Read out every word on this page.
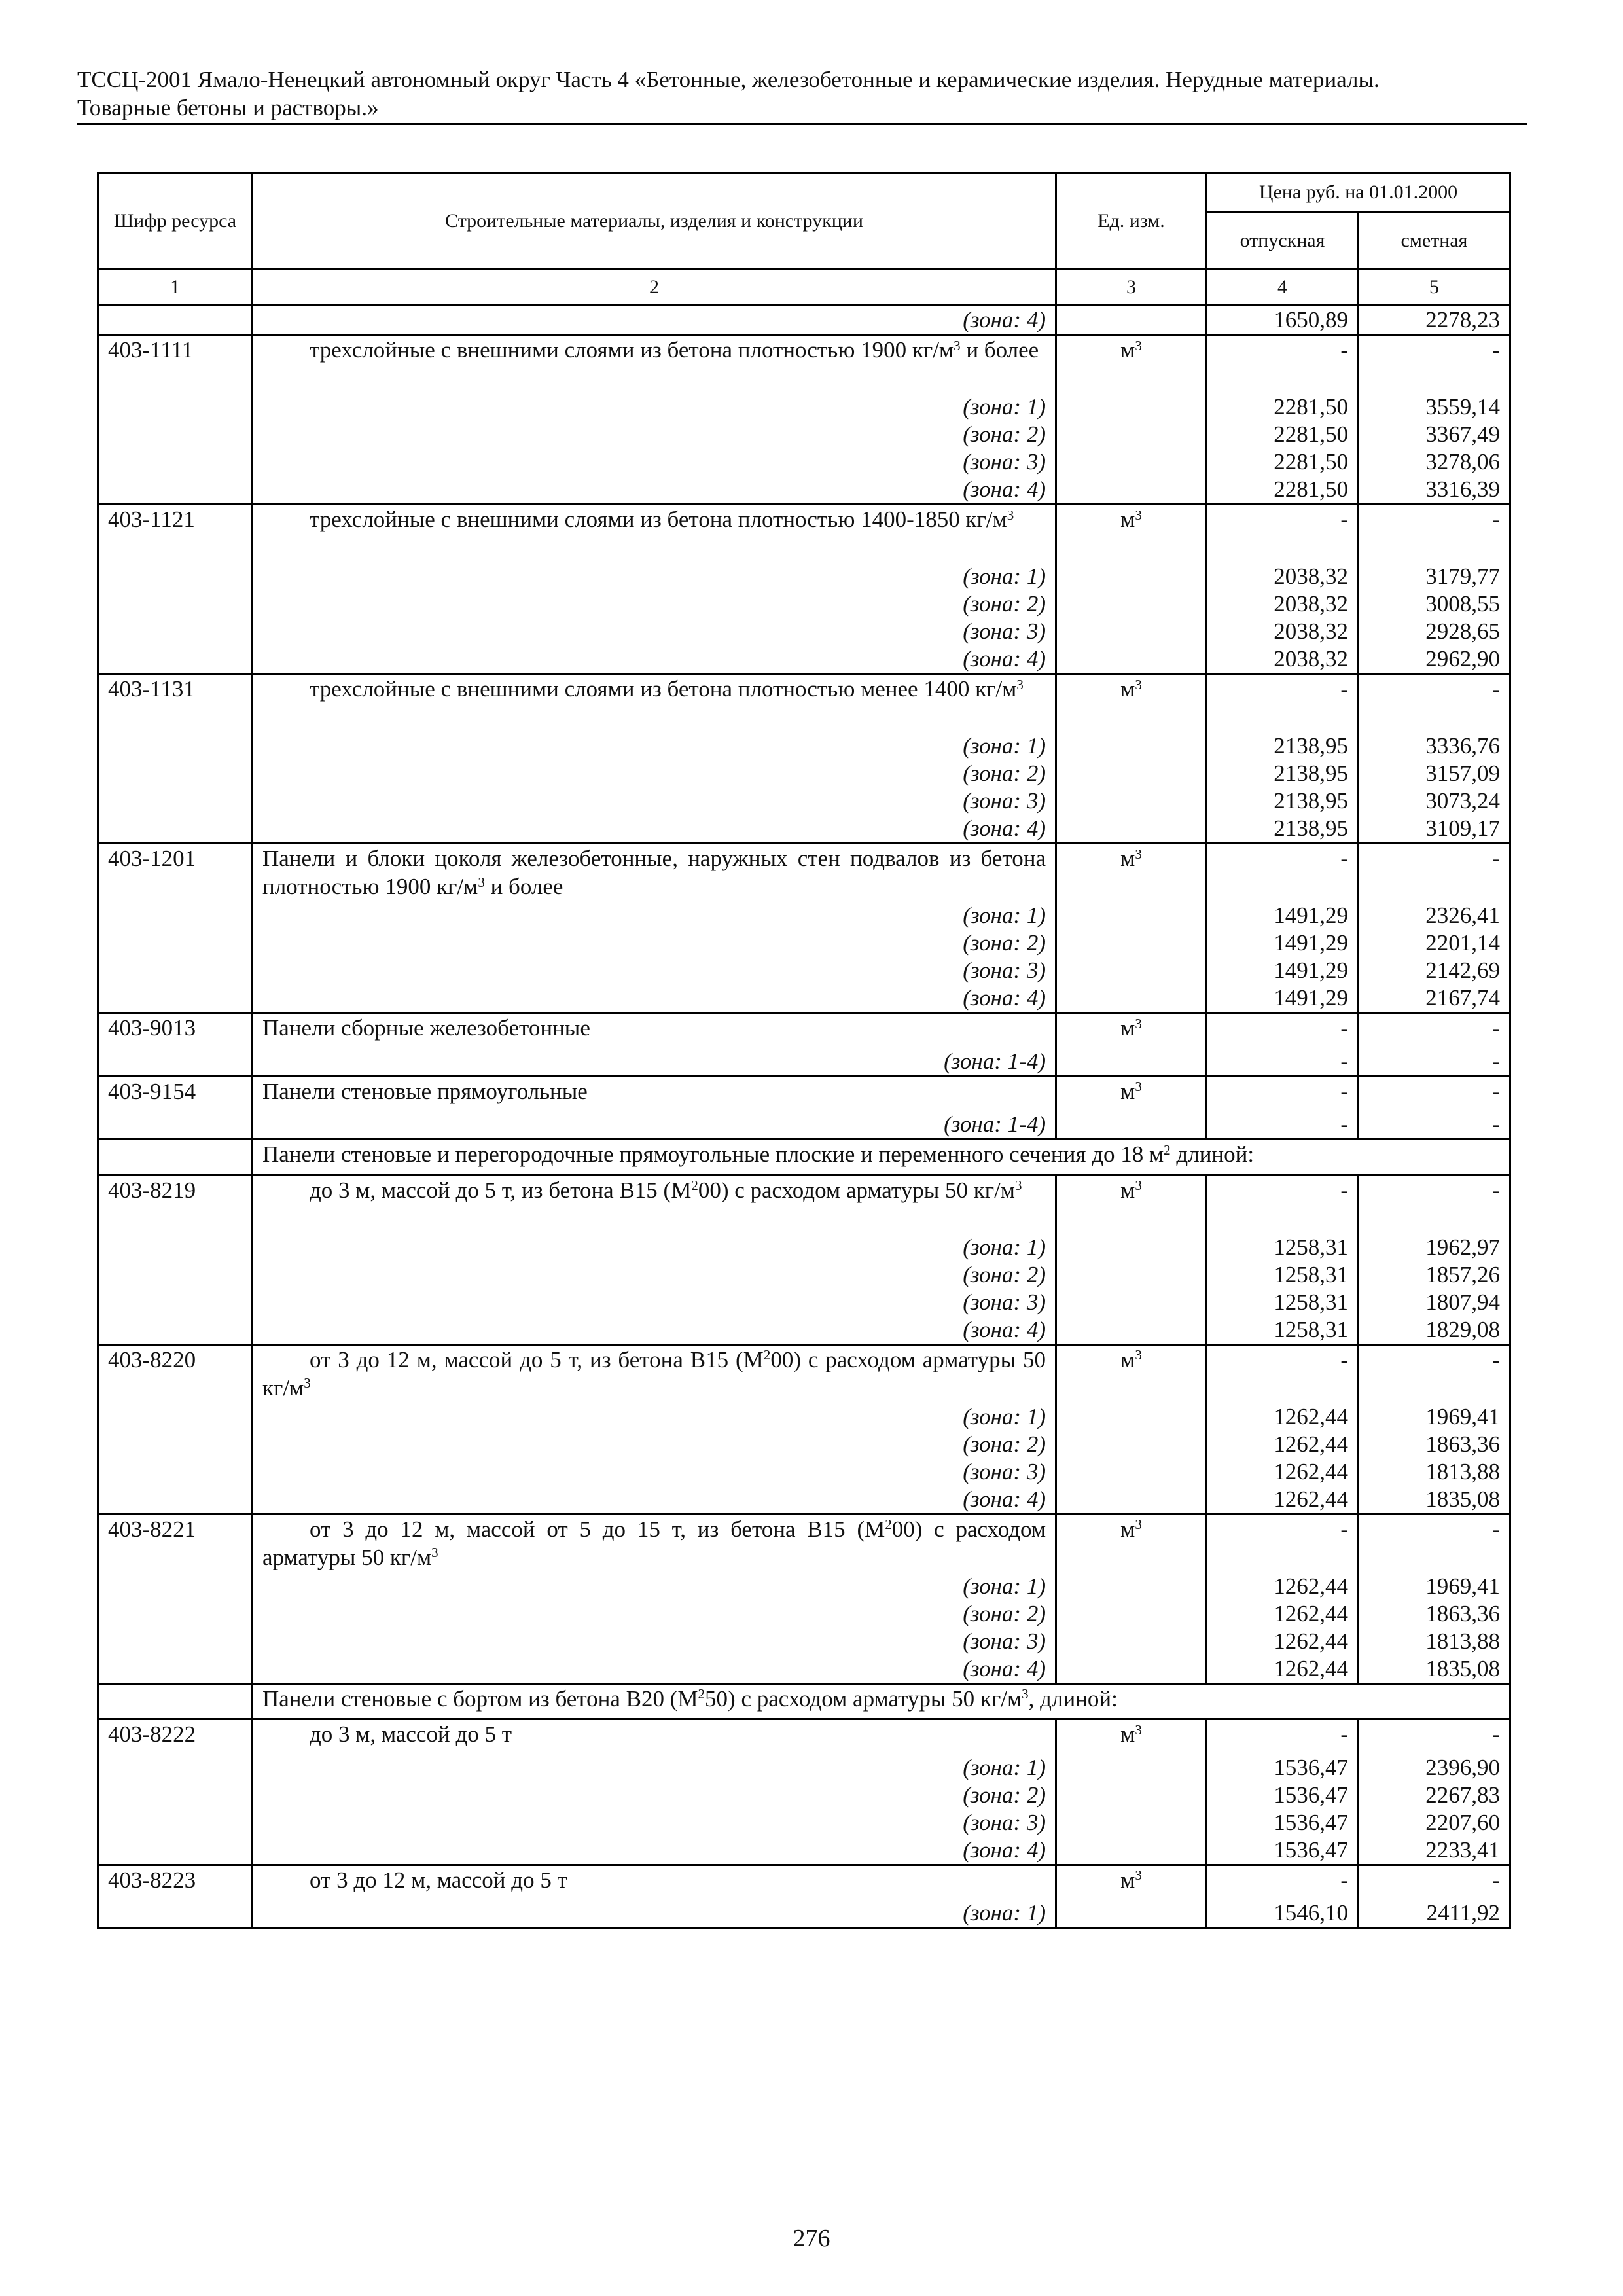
ТССЦ-2001 Ямало-Ненецкий автономный округ Часть 4 «Бетонные, железобетонные и керамические изделия. Нерудные материалы.
Товарные бетоны и растворы.»
Шифр ресурса	Строительные материалы, изделия и конструкции	Ед. изм.	Цена руб. на 01.01.2000	
			отпускная	сметная
1	2	3	4	5
	(зона: 4)		1650,89	2278,23
403-1111	трехслойные с внешними слоями из бетона плотностью 1900 $кг/м^3$ и более	$м^3$	-	-
	(зона: 1)		2281,50	3559,14
	(зона: 2)		2281,50	3367,49
	(зона: 3)		2281,50	3278,06
	(зона: 4)		2281,50	3316,39
403-1121	трехслойные с внешними слоями из бетона плотностью 1400-1850 $кг/м^3$	$м^3$	-	-
	(зона: 1)		2038,32	3179,77
	(зона: 2)		2038,32	3008,55
	(зона: 3)		2038,32	2928,65
	(зона: 4)		2038,32	2962,90
403-1131	трехслойные с внешними слоями из бетона плотностью менее 1400 $кг/м^3$	$м^3$	-	-
	(зона: 1)		2138,95	3336,76
	(зона: 2)		2138,95	3157,09
	(зона: 3)		2138,95	3073,24
	(зона: 4)		2138,95	3109,17
403-1201	Панели и блоки цоколя железобетонные, наружных стен подвалов из бетона плотностью 1900 $кг/м^3$ и более	$м^3$	-	-
	(зона: 1)		1491,29	2326,41
	(зона: 2)		1491,29	2201,14
	(зона: 3)		1491,29	2142,69
	(зона: 4)		1491,29	2167,74
403-9013	Панели сборные железобетонные	$м^3$	-	-
	(зона: 1-4)		-	-
403-9154	Панели стеновые прямоугольные	$м^3$	-	-
	(зона: 1-4)		-	-
	Панели стеновые и перегородочные прямоугольные плоские и переменного сечения до 18 $м^2$ длиной:			
403-8219	до 3 м, массой до 5 т, из бетона В15 $(М^200)$ с расходом арматуры 50 $кг/м^3$	$м^3$	-	-
	(зона: 1)		1258,31	1962,97
	(зона: 2)		1258,31	1857,26
	(зона: 3)		1258,31	1807,94
	(зона: 4)		1258,31	1829,08
403-8220	от 3 до 12 м, массой до 5 т, из бетона В15 $(М^200)$ с расходом арматуры 50 $кг/м^3$	$м^3$	-	-
	(зона: 1)		1262,44	1969,41
	(зона: 2)		1262,44	1863,36
	(зона: 3)		1262,44	1813,88
	(зона: 4)		1262,44	1835,08
403-8221	от 3 до 12 м, массой от 5 до 15 т, из бетона В15 $(М^200)$ с расходом арматуры 50 $кг/м^3$	$м^3$	-	-
	(зона: 1)		1262,44	1969,41
	(зона: 2)		1262,44	1863,36
	(зона: 3)		1262,44	1813,88
	(зона: 4)		1262,44	1835,08
	Панели стеновые с бортом из бетона В20 $(М^250)$ с расходом арматуры 50 $кг/м^3$, длиной:			
403-8222	до 3 м, массой до 5 т	$м^3$	-	-
	(зона: 1)		1536,47	2396,90
	(зона: 2)		1536,47	2267,83
	(зона: 3)		1536,47	2207,60
	(зона: 4)		1536,47	2233,41
403-8223	от 3 до 12 м, массой до 5 т	$м^3$	-	-
	(зона: 1)		1546,10	2411,92
276
